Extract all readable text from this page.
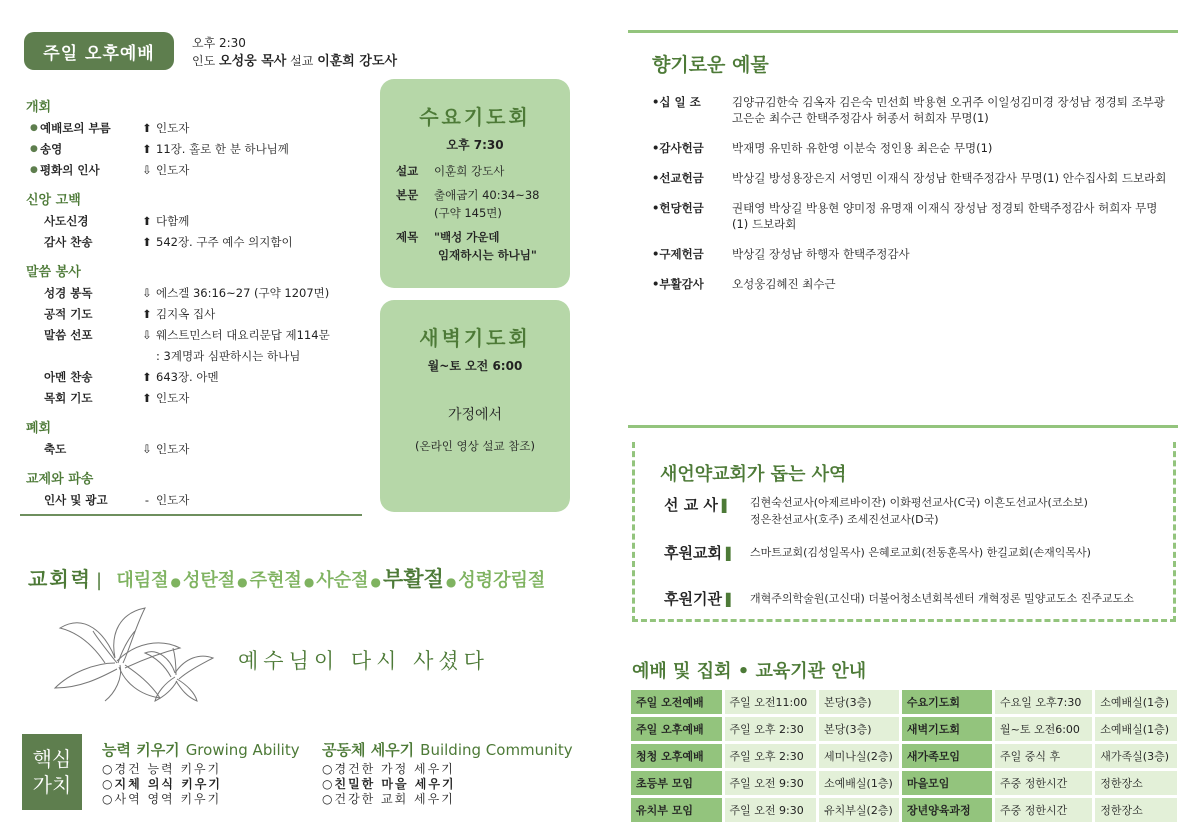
주일 오후예배
오후 2:30
인도 오성웅 목사 설교 이훈희 강도사
개회
● 예배로의 부름	⬆ 인도자
● 송영	⬆ 11장. 홀로 한 분 하나님께
● 평화의 인사	⇩ 인도자
신앙 고백
사도신경	⬆ 다함께
감사 찬송	⬆ 542장. 구주 예수 의지함이
말씀 봉사
성경 봉독	⇩ 에스겔 36:16~27 (구약 1207면)
공적 기도	⬆ 김지옥 집사
말씀 선포	⇩ 웨스트민스터 대요리문답 제114문
: 3계명과 심판하시는 하나님
아멘 찬송	⬆ 643장. 아멘
목회 기도	⬆ 인도자
폐회
축도	⇩ 인도자
교제와 파송
인사 및 광고	- 인도자
수요기도회
오후 7:30
설교	이훈희 강도사
본문	출애굽기 40:34~38
(구약 145면)
제목	"백성 가운데
임재하시는 하나님"
새벽기도회
월~토 오전 6:00
가정에서
(온라인 영상 설교 참조)
교회력 | 대림절 ● 성탄절 ● 주현절 ● 사순절 ●부활절 ● 성령강림절
예수님이 다시 사셨다
핵심
가치
능력 키우기 Growing Ability
○경건 능력 키우기
○지체 의식 키우기
○사역 영역 키우기
공동체 세우기 Building Community
○경건한 가정 세우기
○친밀한 마을 세우기
○건강한 교회 세우기
향기로운 예물
•십 일 조	김양규김한숙 김옥자 김은숙 민선희 박용현 오귀주 이일성김미경 장성남 정경퇴 조부광고은순 최수근 한택주정감사 허종서 허희자 무명(1)
•감사헌금	박재명 유민하 유한영 이분숙 정인용 최은순 무명(1)
•선교헌금	박상길 방성용장은지 서영민 이재식 장성남 한택주정감사 무명(1) 안수집사회 드보라회
•헌당헌금	권태영 박상길 박용현 양미정 유명재 이재식 장성남 정경퇴 한택주정감사 허희자 무명(1) 드보라회
•구제헌금	박상길 장성남 하행자 한택주정감사
•부활감사	오성웅김혜진 최수근
새언약교회가 돕는 사역
선 교 사 ▌	김현숙선교사(아제르바이잔) 이화평선교사(C국) 이흔도선교사(코소보)
정은찬선교사(호주) 조세진선교사(D국)
후원교회 ▌	스마트교회(김성일목사) 은혜로교회(전동훈목사) 한길교회(손재익목사)
후원기관 ▌	개혁주의학술원(고신대) 더불어청소년회복센터 개혁정론 밀양교도소 진주교도소
예배 및 집회 • 교육기관 안내
주일 오전예배	주일 오전11:00	본당(3층)	수요기도회	수요일 오후7:30	소예배실(1층)
주일 오후예배	주일 오후 2:30	본당(3층)	새벽기도회	월~토 오전6:00	소예배실(1층)
청청 오후예배	주일 오후 2:30	세미나실(2층)	새가족모임	주일 중식 후	새가족실(3층)
초등부 모임	주일 오전 9:30	소예배실(1층)	마을모임	주중 정한시간	정한장소
유치부 모임	주일 오전 9:30	유치부실(2층)	장년양육과정	주중 정한시간	정한장소
